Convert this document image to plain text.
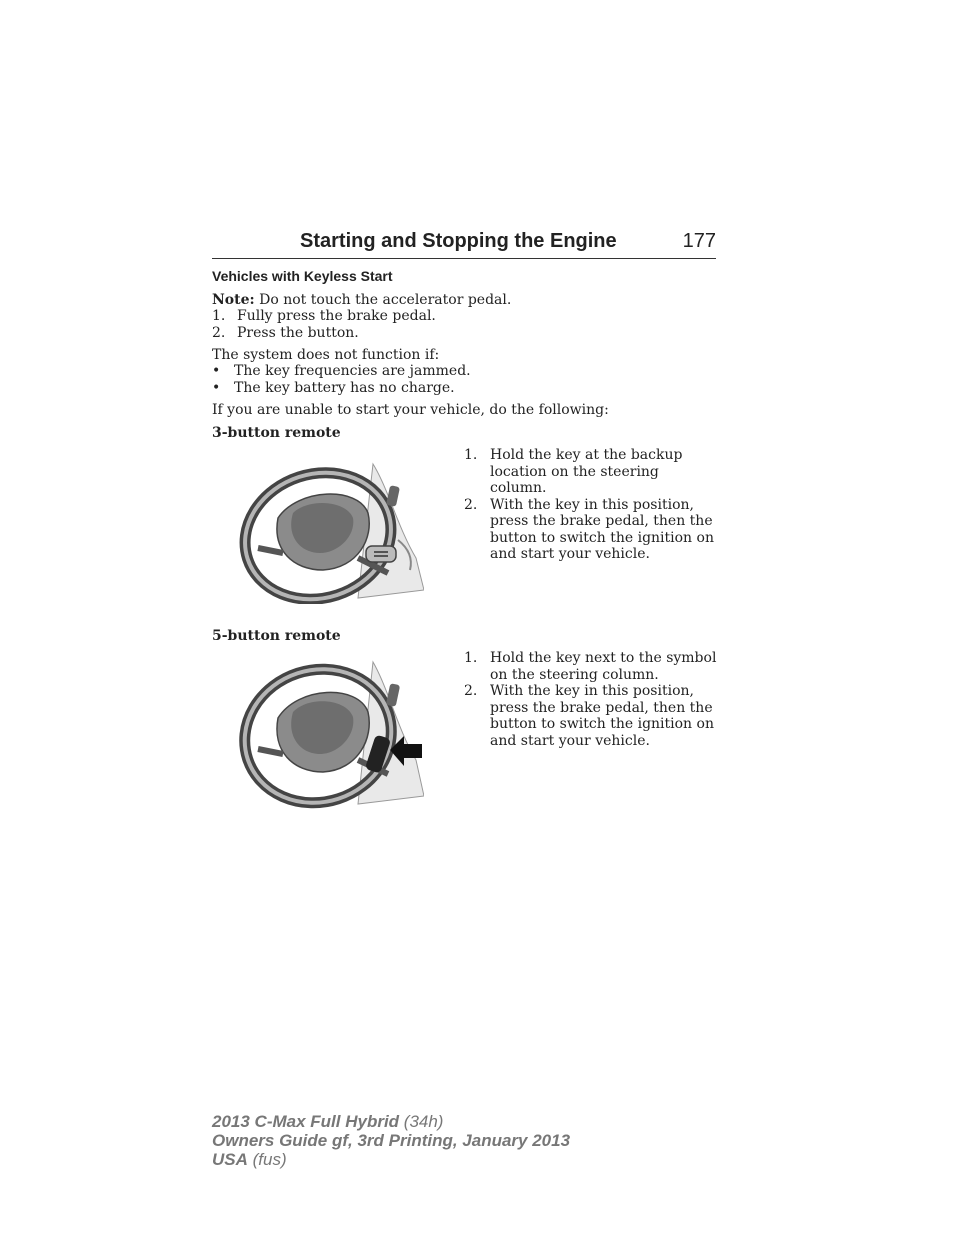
Starting and Stopping the Engine	177
Vehicles with Keyless Start
Note: Do not touch the accelerator pedal.
1. Fully press the brake pedal.
2. Press the button.
The system does not function if:
• The key frequencies are jammed.
• The key battery has no charge.
If you are unable to start your vehicle, do the following:
3-button remote
1. Hold the key at the backup location on the steering column.
2. With the key in this position, press the brake pedal, then the button to switch the ignition on and start your vehicle.
5-button remote
1. Hold the key next to the symbol on the steering column.
2. With the key in this position, press the brake pedal, then the button to switch the ignition on and start your vehicle.
2013 C-Max Full Hybrid (34h)
Owners Guide gf, 3rd Printing, January 2013
USA (fus)
